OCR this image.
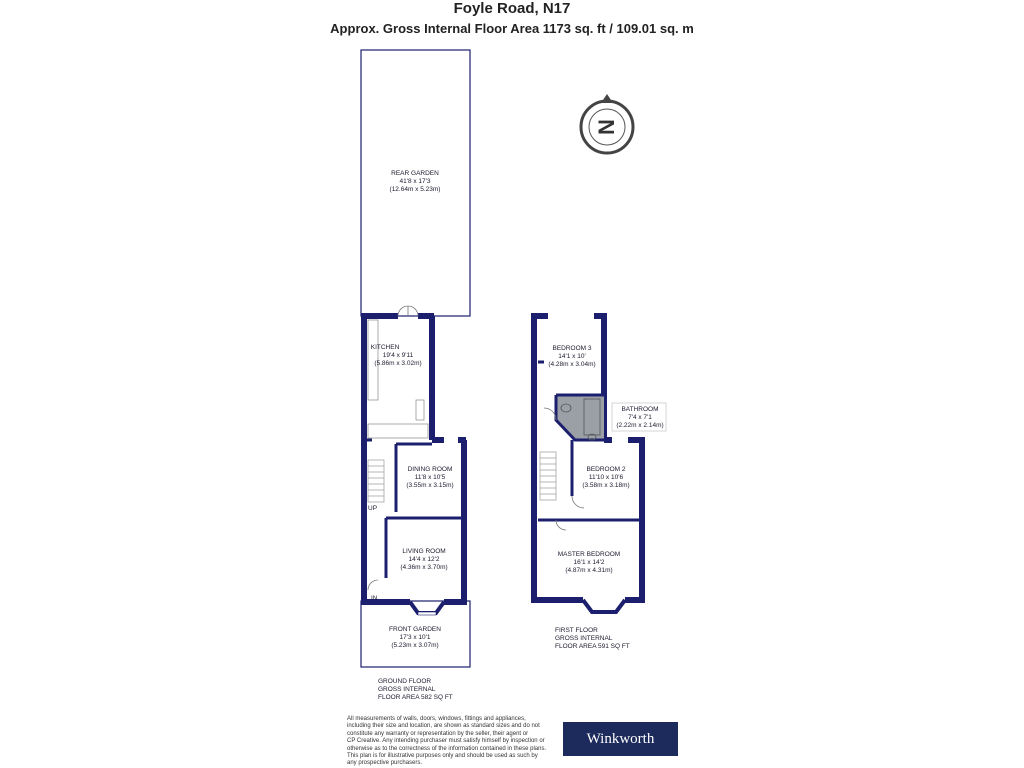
Foyle Road, N17
Approx. Gross Internal Floor Area 1173 sq. ft / 109.01 sq. m
N
REAR GARDEN
41'8 x 17'3
(12.64m x 5.23m)
KITCHEN
19'4 x 9'11
(5.86m x 3.02m)
DINING ROOM
11'8 x 10'5
(3.55m x 3.15m)
LIVING ROOM
14'4 x 12'2
(4.36m x 3.70m)
FRONT GARDEN
17'3 x 10'1
(5.23m x 3.07m)
UP
IN
GROUND FLOOR
GROSS INTERNAL
FLOOR AREA 582 SQ FT
BEDROOM 3
14'1 x 10'
(4.28m x 3.04m)
BATHROOM
7'4 x 7'1
(2.22m x 2.14m)
BEDROOM 2
11'10 x 10'6
(3.58m x 3.18m)
MASTER BEDROOM
16'1 x 14'2
(4.87m x 4.31m)
FIRST FLOOR
GROSS INTERNAL
FLOOR AREA 591 SQ FT
All measurements of walls, doors, windows, fittings and appliances,
including their size and location, are shown as standard sizes and do not
constitute any warranty or representation by the seller, their agent or
CP Creative. Any intending purchaser must satisfy himself by inspection or
otherwise as to the correctness of the information contained in these plans.
This plan is for illustrative purposes only and should be used as such by
any prospective purchasers.
Winkworth
